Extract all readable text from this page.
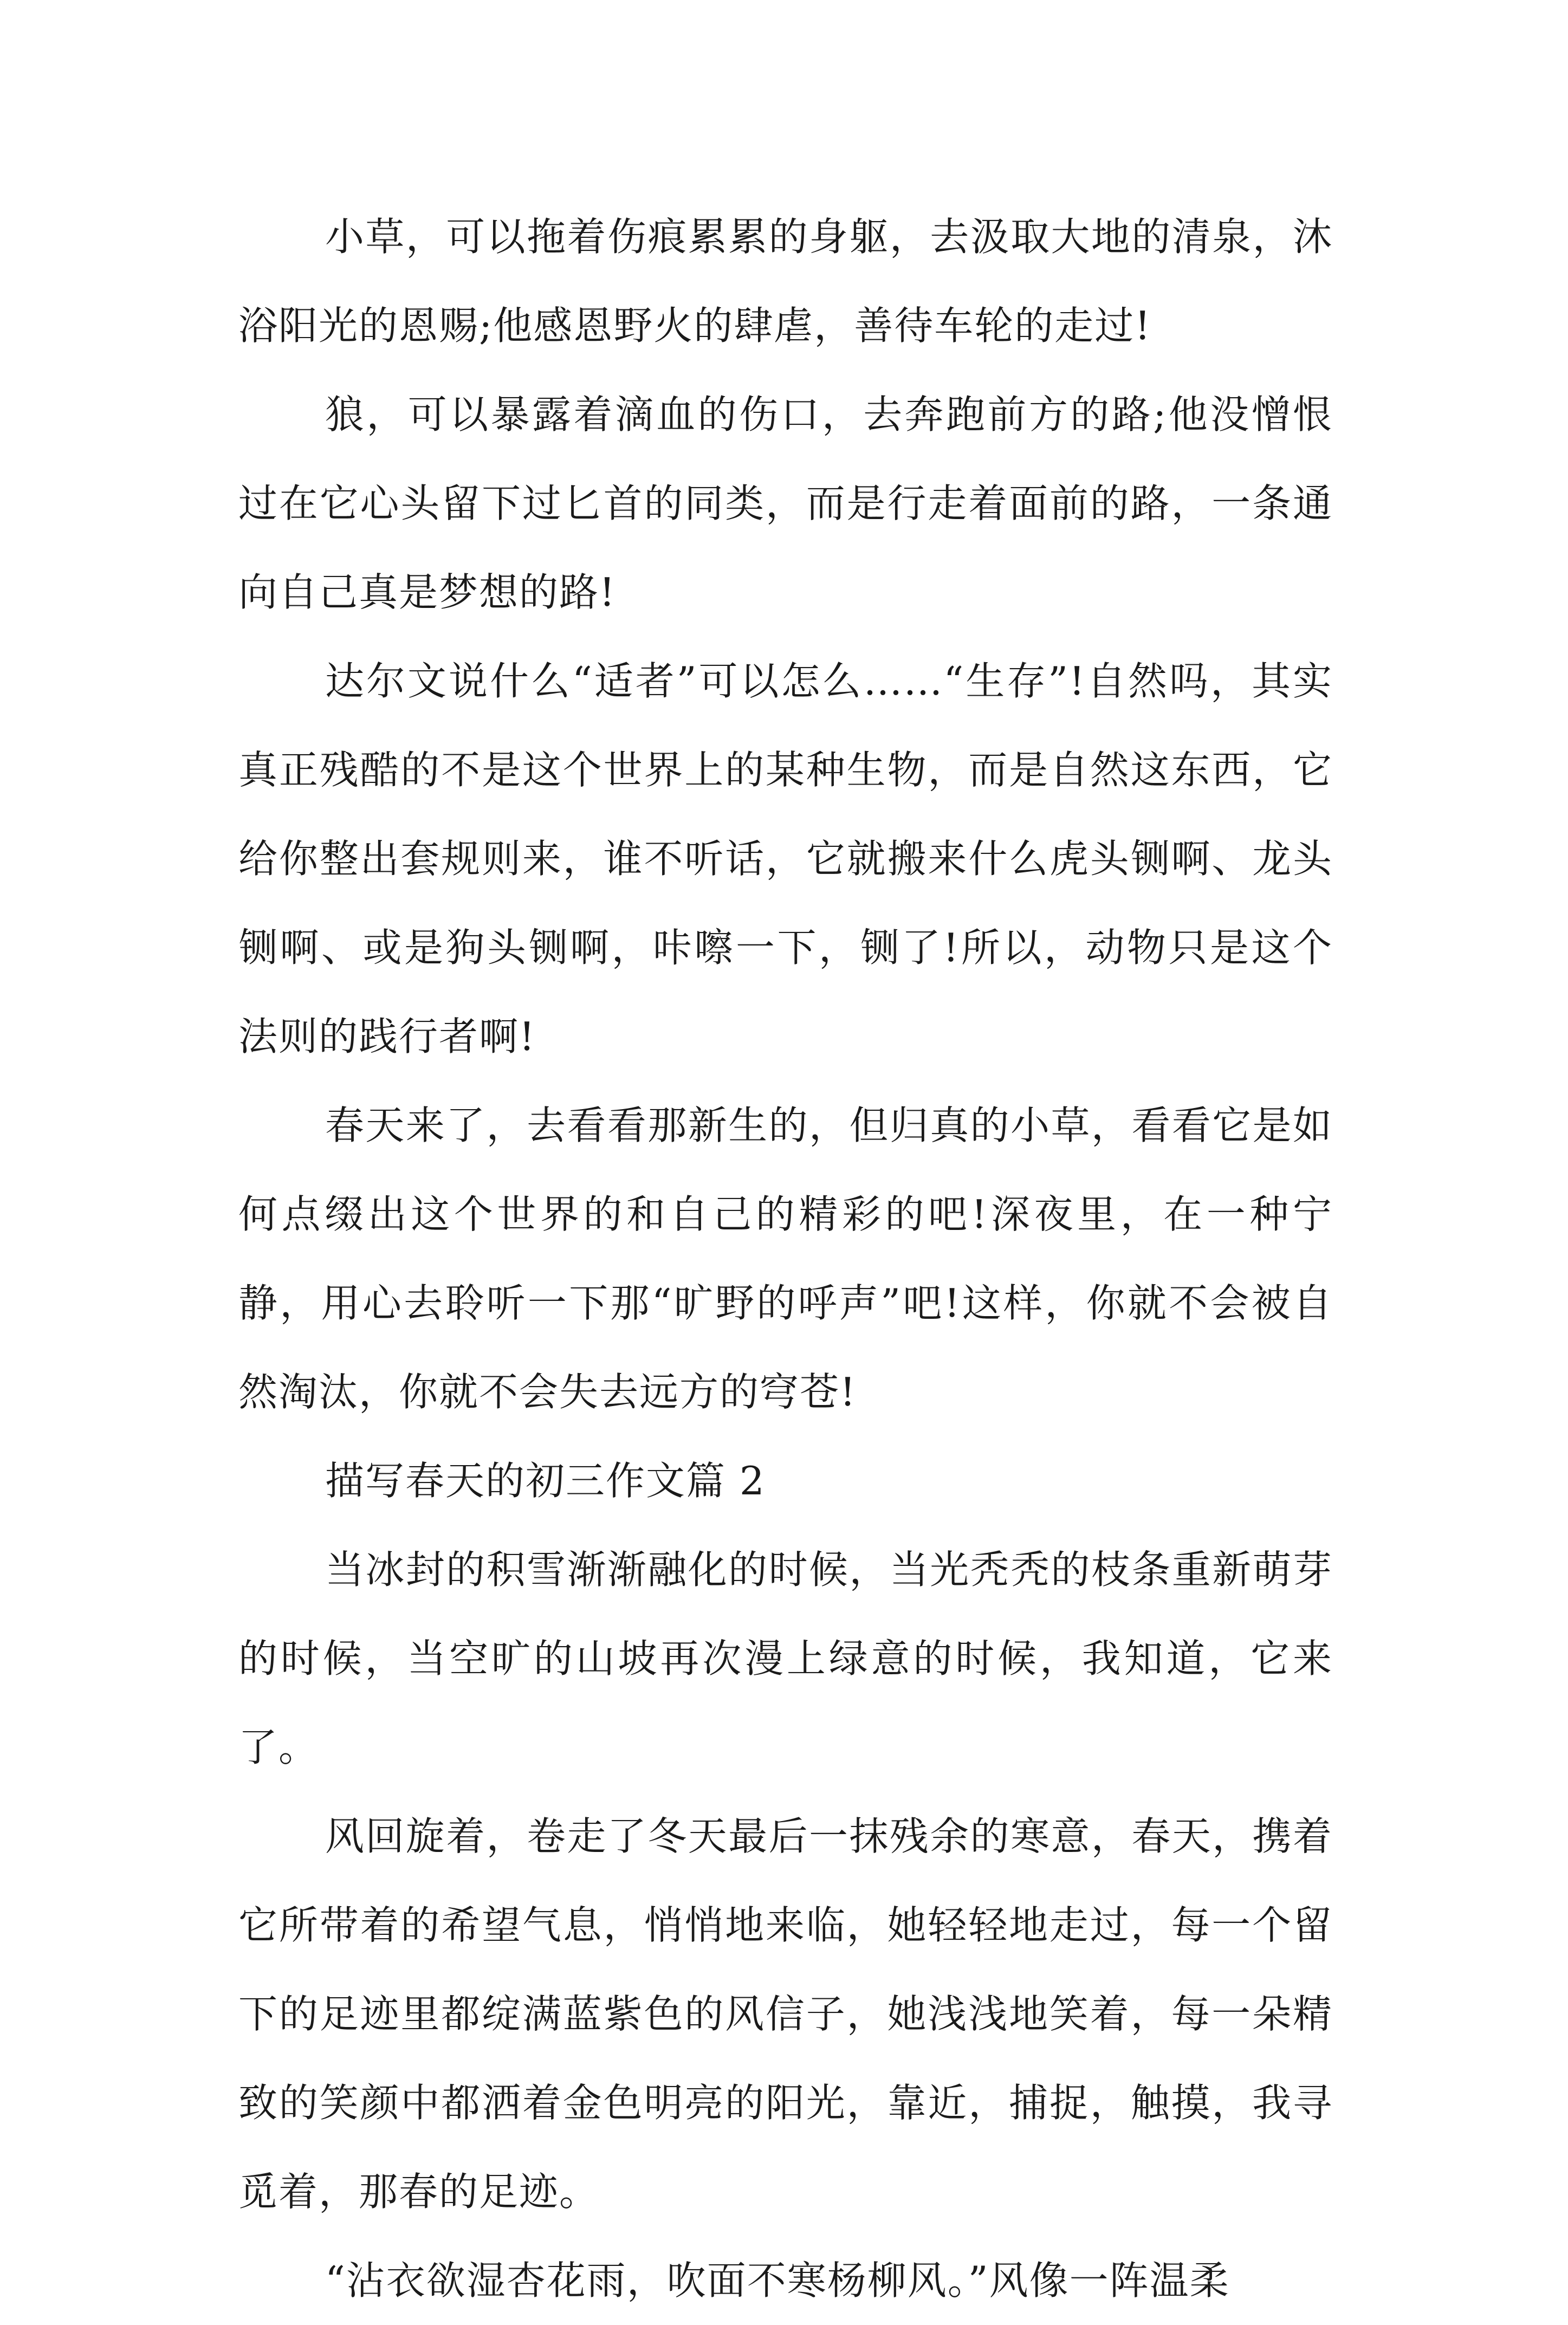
小草，可以拖着伤痕累累的身躯，去汲取大地的清泉，沐浴阳光的恩赐;他感恩野火的肆虐，善待车轮的走过!

狼，可以暴露着滴血的伤口，去奔跑前方的路;他没憎恨过在它心头留下过匕首的同类，而是行走着面前的路，一条通向自己真是梦想的路!

达尔文说什么“适者”可以怎么……“生存”!自然吗，其实真正残酷的不是这个世界上的某种生物，而是自然这东西，它给你整出套规则来，谁不听话，它就搬来什么虎头铡啊、龙头铡啊、或是狗头铡啊，咔嚓一下，铡了!所以，动物只是这个法则的践行者啊!

春天来了，去看看那新生的，但归真的小草，看看它是如何点缀出这个世界的和自己的精彩的吧!深夜里，在一种宁静，用心去聆听一下那“旷野的呼声”吧!这样，你就不会被自然淘汰，你就不会失去远方的穹苍!

描写春天的初三作文篇 2

当冰封的积雪渐渐融化的时候，当光秃秃的枝条重新萌芽的时候，当空旷的山坡再次漫上绿意的时候，我知道，它来了。

风回旋着，卷走了冬天最后一抹残余的寒意，春天，携着它所带着的希望气息，悄悄地来临，她轻轻地走过，每一个留下的足迹里都绽满蓝紫色的风信子，她浅浅地笑着，每一朵精致的笑颜中都洒着金色明亮的阳光，靠近，捕捉，触摸，我寻觅着，那春的足迹。

“沾衣欲湿杏花雨，吹面不寒杨柳风。”风像一阵温柔
